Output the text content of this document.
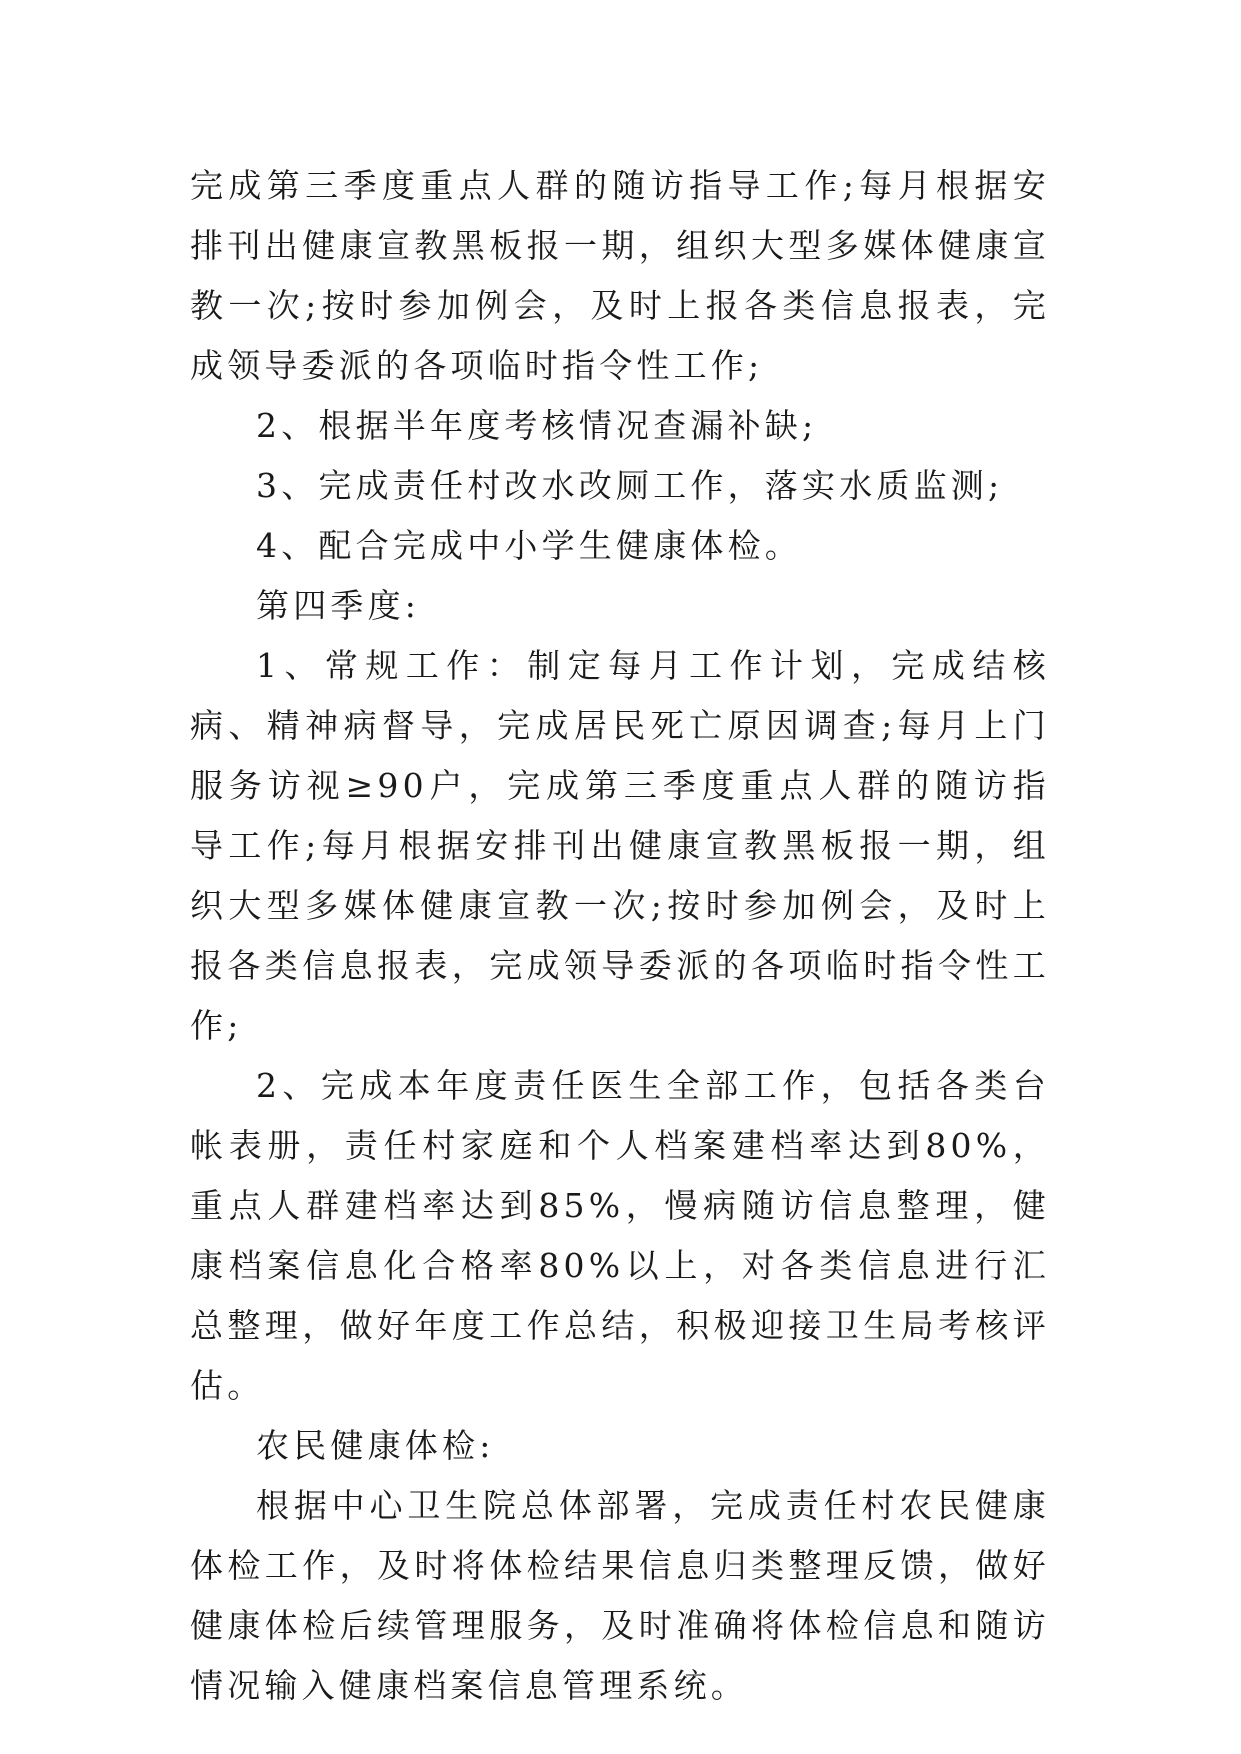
完成第三季度重点人群的随访指导工作;每月根据安排刊出健康宣教黑板报一期，组织大型多媒体健康宣教一次;按时参加例会，及时上报各类信息报表，完成领导委派的各项临时指令性工作;

2、根据半年度考核情况查漏补缺;

3、完成责任村改水改厕工作，落实水质监测;

4、配合完成中小学生健康体检。

第四季度:

1、常规工作：制定每月工作计划，完成结核病、精神病督导，完成居民死亡原因调查;每月上门服务访视≥90户，完成第三季度重点人群的随访指导工作;每月根据安排刊出健康宣教黑板报一期，组织大型多媒体健康宣教一次;按时参加例会，及时上报各类信息报表，完成领导委派的各项临时指令性工作;

2、完成本年度责任医生全部工作，包括各类台帐表册，责任村家庭和个人档案建档率达到80%，重点人群建档率达到85%，慢病随访信息整理，健康档案信息化合格率80%以上，对各类信息进行汇总整理，做好年度工作总结，积极迎接卫生局考核评估。

农民健康体检:

根据中心卫生院总体部署，完成责任村农民健康体检工作，及时将体检结果信息归类整理反馈，做好健康体检后续管理服务，及时准确将体检信息和随访情况输入健康档案信息管理系统。
